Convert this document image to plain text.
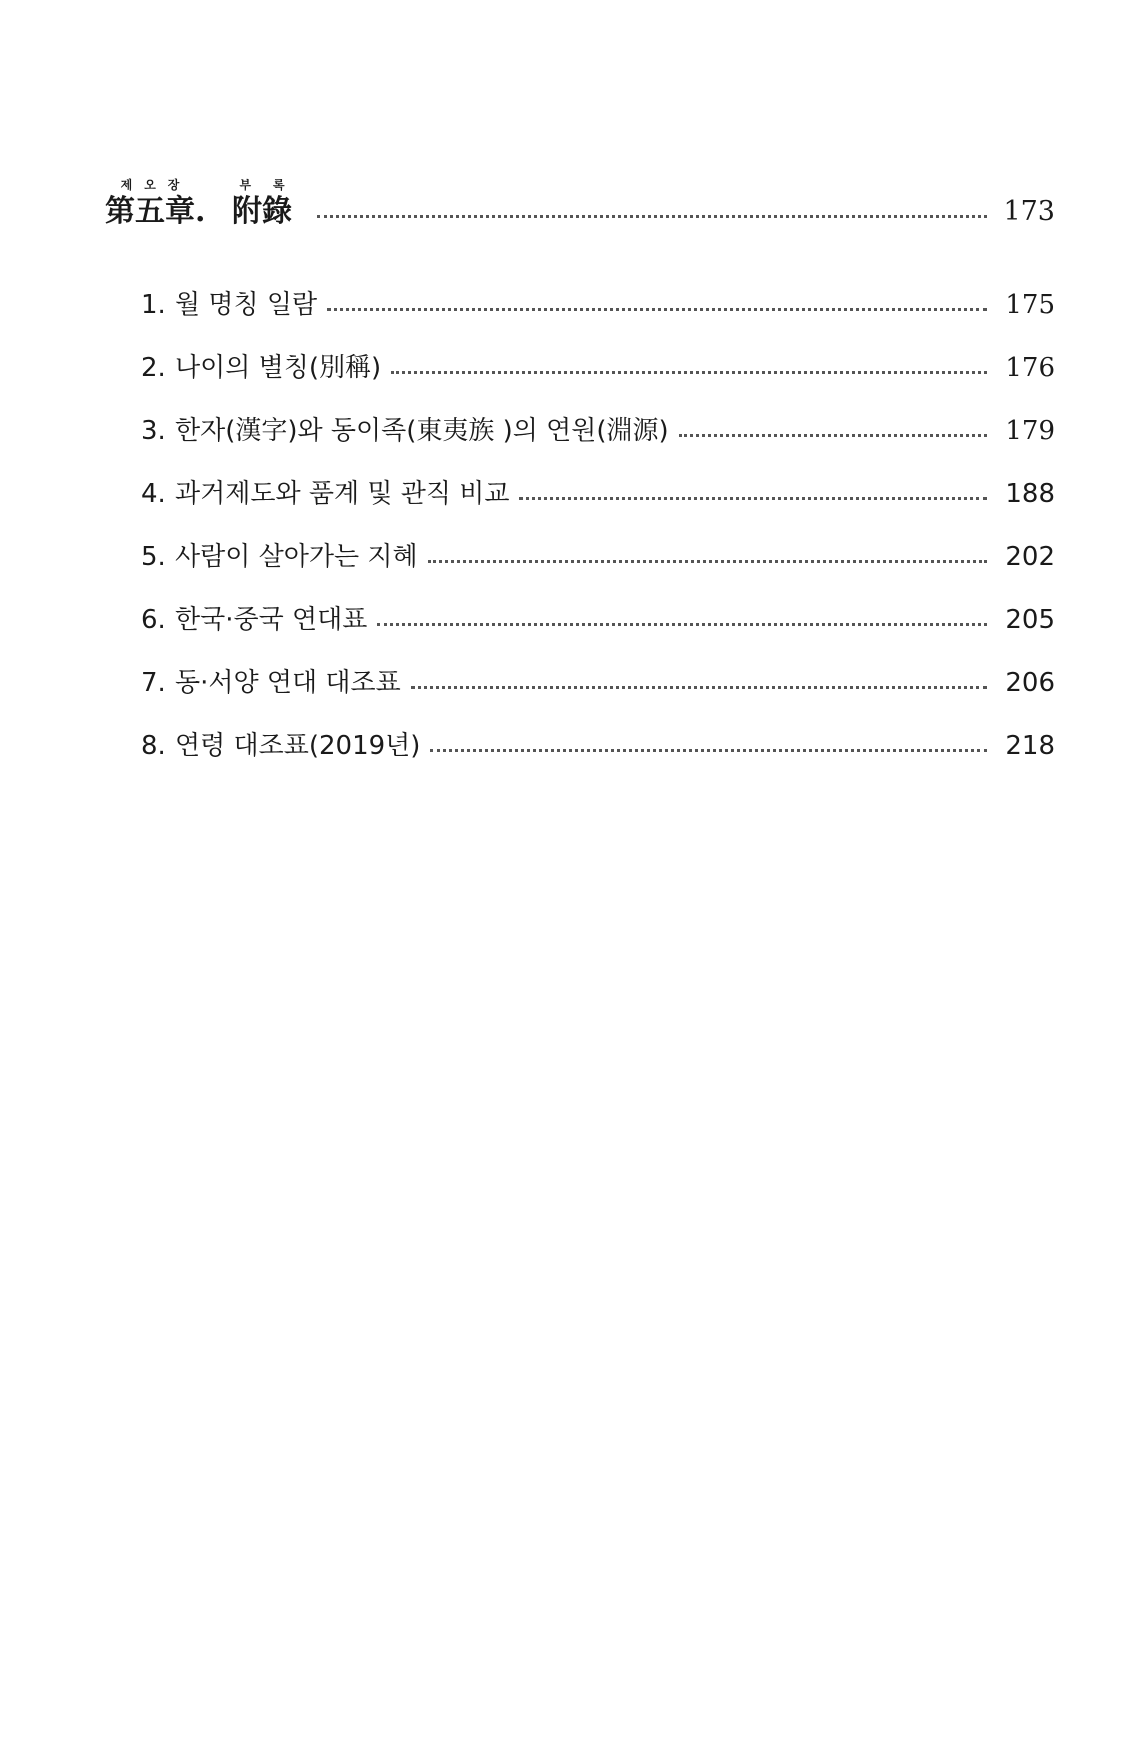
제오장
第五章 .
부록
附錄	173
1. 월 명칭 일람	175
2. 나이의 별칭(別稱)	176
3. 한자(漢字)와 동이족(東夷族 )의 연원(淵源)	179
4. 과거제도와 품계 및 관직 비교	188
5. 사람이 살아가는 지혜	202
6. 한국·중국 연대표	205
7. 동·서양 연대 대조표	206
8. 연령 대조표(2019년)	218
